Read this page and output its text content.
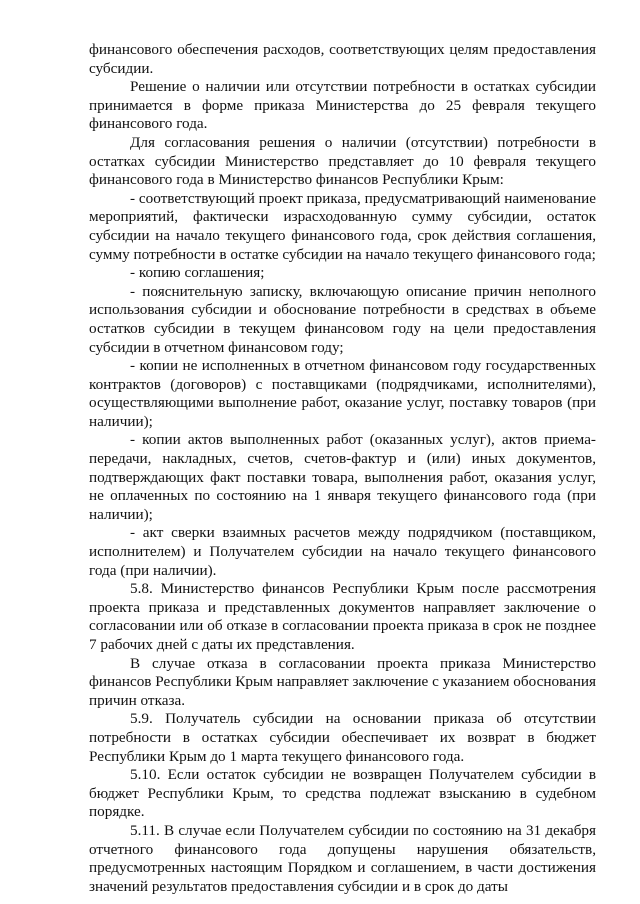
финансового обеспечения расходов, соответствующих целям предоставления субсидии.

Решение о наличии или отсутствии потребности в остатках субсидии принимается в форме приказа Министерства до 25 февраля текущего финансового года.

Для согласования решения о наличии (отсутствии) потребности в остатках субсидии Министерство представляет до 10 февраля текущего финансового года в Министерство финансов Республики Крым:

- соответствующий проект приказа, предусматривающий наименование мероприятий, фактически израсходованную сумму субсидии, остаток субсидии на начало текущего финансового года, срок действия соглашения, сумму потребности в остатке субсидии на начало текущего финансового года;

- копию соглашения;

- пояснительную записку, включающую описание причин неполного использования субсидии и обоснование потребности в средствах в объеме остатков субсидии в текущем финансовом году на цели предоставления субсидии в отчетном финансовом году;

- копии не исполненных в отчетном финансовом году государственных контрактов (договоров) с поставщиками (подрядчиками, исполнителями), осуществляющими выполнение работ, оказание услуг, поставку товаров (при наличии);

- копии актов выполненных работ (оказанных услуг), актов приема-передачи, накладных, счетов, счетов-фактур и (или) иных документов, подтверждающих факт поставки товара, выполнения работ, оказания услуг, не оплаченных по состоянию на 1 января текущего финансового года (при наличии);

- акт сверки взаимных расчетов между подрядчиком (поставщиком, исполнителем) и Получателем субсидии на начало текущего финансового года (при наличии).

5.8. Министерство финансов Республики Крым после рассмотрения проекта приказа и представленных документов направляет заключение о согласовании или об отказе в согласовании проекта приказа в срок не позднее 7 рабочих дней с даты их представления.

В случае отказа в согласовании проекта приказа Министерство финансов Республики Крым направляет заключение с указанием обоснования причин отказа.

5.9. Получатель субсидии на основании приказа об отсутствии потребности в остатках субсидии обеспечивает их возврат в бюджет Республики Крым до 1 марта текущего финансового года.

5.10. Если остаток субсидии не возвращен Получателем субсидии в бюджет Республики Крым, то средства подлежат взысканию в судебном порядке.

5.11. В случае если Получателем субсидии по состоянию на 31 декабря отчетного финансового года допущены нарушения обязательств, предусмотренных настоящим Порядком и соглашением, в части достижения значений результатов предоставления субсидии и в срок до даты
